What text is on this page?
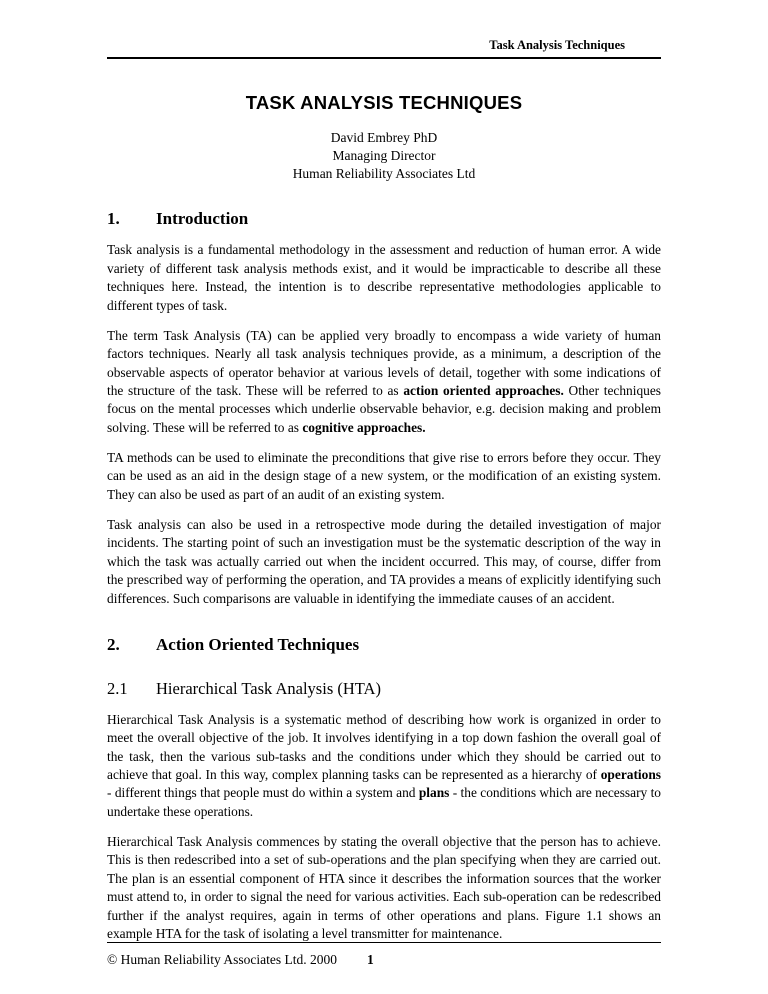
Task Analysis Techniques
TASK ANALYSIS TECHNIQUES
David Embrey PhD
Managing Director
Human Reliability Associates Ltd
1.	Introduction

Task analysis is a fundamental methodology in the assessment and reduction of human error. A wide variety of different task analysis methods exist, and it would be impracticable to describe all these techniques here. Instead, the intention is to describe representative methodologies applicable to different types of task.

The term Task Analysis (TA) can be applied very broadly to encompass a wide variety of human factors techniques. Nearly all task analysis techniques provide, as a minimum, a description of the observable aspects of operator behavior at various levels of detail, together with some indications of the structure of the task. These will be referred to as action oriented approaches. Other techniques focus on the mental processes which underlie observable behavior, e.g. decision making and problem solving. These will be referred to as cognitive approaches.

TA methods can be used to eliminate the preconditions that give rise to errors before they occur. They can be used as an aid in the design stage of a new system, or the modification of an existing system. They can also be used as part of an audit of an existing system.

Task analysis can also be used in a retrospective mode during the detailed investigation of major incidents. The starting point of such an investigation must be the systematic description of the way in which the task was actually carried out when the incident occurred. This may, of course, differ from the prescribed way of performing the operation, and TA provides a means of explicitly identifying such differences. Such comparisons are valuable in identifying the immediate causes of an accident.

2.	Action Oriented Techniques
2.1	Hierarchical Task Analysis (HTA)

Hierarchical Task Analysis is a systematic method of describing how work is organized in order to meet the overall objective of the job. It involves identifying in a top down fashion the overall goal of the task, then the various sub-tasks and the conditions under which they should be carried out to achieve that goal. In this way, complex planning tasks can be represented as a hierarchy of operations - different things that people must do within a system and plans - the conditions which are necessary to undertake these operations.

Hierarchical Task Analysis commences by stating the overall objective that the person has to achieve. This is then redescribed into a set of sub-operations and the plan specifying when they are carried out. The plan is an essential component of HTA since it describes the information sources that the worker must attend to, in order to signal the need for various activities. Each sub-operation can be redescribed further if the analyst requires, again in terms of other operations and plans. Figure 1.1 shows an example HTA for the task of isolating a level transmitter for maintenance.

© Human Reliability Associates Ltd. 2000 1
